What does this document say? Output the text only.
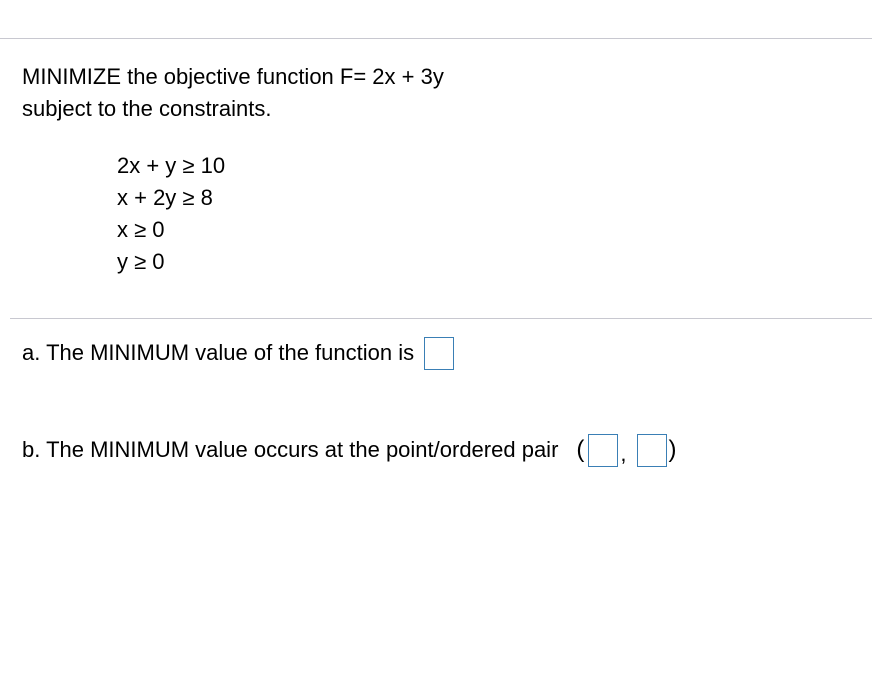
MINIMIZE the objective function F= 2x + 3y
subject to the constraints.
2x + y ≥ 10
x + 2y ≥ 8
x ≥ 0
y ≥ 0
a. The MINIMUM value of the function is
b. The MINIMUM value occurs at the point/ordered pair ( , )
